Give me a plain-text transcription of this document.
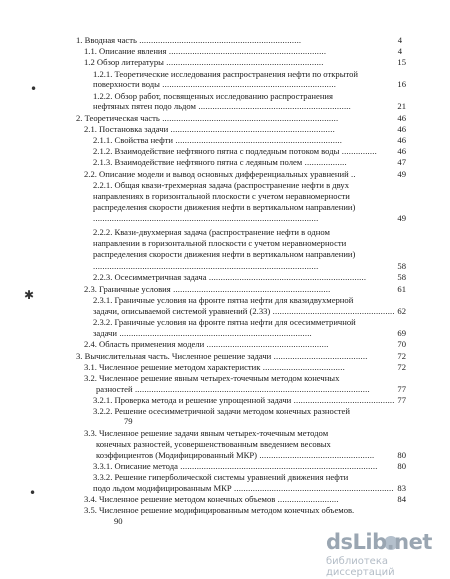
•
✱
•
1. Вводная часть .....................................................................	4
1.1. Описание явления ...................................................................	4
1.2 Обзор литературы ...................................................................	15
1.2.1. Теоретические исследования распространения нефти по открытой
поверхности воды ..........................................................................	16
1.2.2. Обзор работ, посвященных исследованию распространения
нефтяных пятен подо льдом .................................................................	21
2. Теоретическая часть ...........................................................................	46
2.1. Постановка задачи ......................................................................	46
2.1.1. Свойства нефти .......................................................................	46
2.1.2. Взаимодействие нефтяного пятна с подледным потоком воды ............... 46
2.1.3. Взаимодействие нефтяного пятна с ледяным полем ..................	47
2.2. Описание модели и вывод основных дифференциальных уравнений ..	49
2.2.1. Общая квази-трехмерная задача (распространение нефти в двух
направлениях в горизонтальной плоскости с учетом неравномерности
распределения скорости движения нефти в вертикальном направлении)
................................................................................................	49
2.2.2. Квази-двухмерная задача (распространение нефти в одном
направлении в горизонтальной плоскости с учетом неравномерности
распределения скорости движения нефти в вертикальном направлении)
................................................................................................	58
2.2.3. Осесимметричная задача ...................................................................	58
2.3. Граничные условия ...................................................................	61
2.3.1. Граничные условия на фронте пятна нефти для квазидвухмерной
задачи, описываемой системой уравнений (2.33) .................................................... 62
2.3.2. Граничные условия на фронте пятна нефти для осесимметричной
задачи ..................................................................................	69
2.4. Область применения модели ....................................................	70
3. Вычислительная часть. Численное решение задачи ........................................	72
3.1. Численное решение методом характеристик ...................................	72
3.2. Численное решение явным четырех-точечным методом конечных
разностей ....................................................................................................	77
3.2.1. Проверка метода и решение упрощенной задачи ........................................... 77
3.2.2. Решение осесимметричной задачи методом конечных разностей
79
3.3. Численное решение задачи явным четырех-точечным методом
конечных разностей, усовершенствованным введением весовых
коэффициентов (Модифицированный МКР) .................................................	80
3.3.1. Описание метода .................................................................................... 80
3.3.2. Решение гиперболической системы уравнений движения нефти
подо льдом модифицированным МКР .................................................................... 83
3.4. Численное решение методом конечных объемов ..........................	84
3.5. Численное решение модифицированным методом конечных объемов.
90
dsLib.net
библиотека диссертаций
